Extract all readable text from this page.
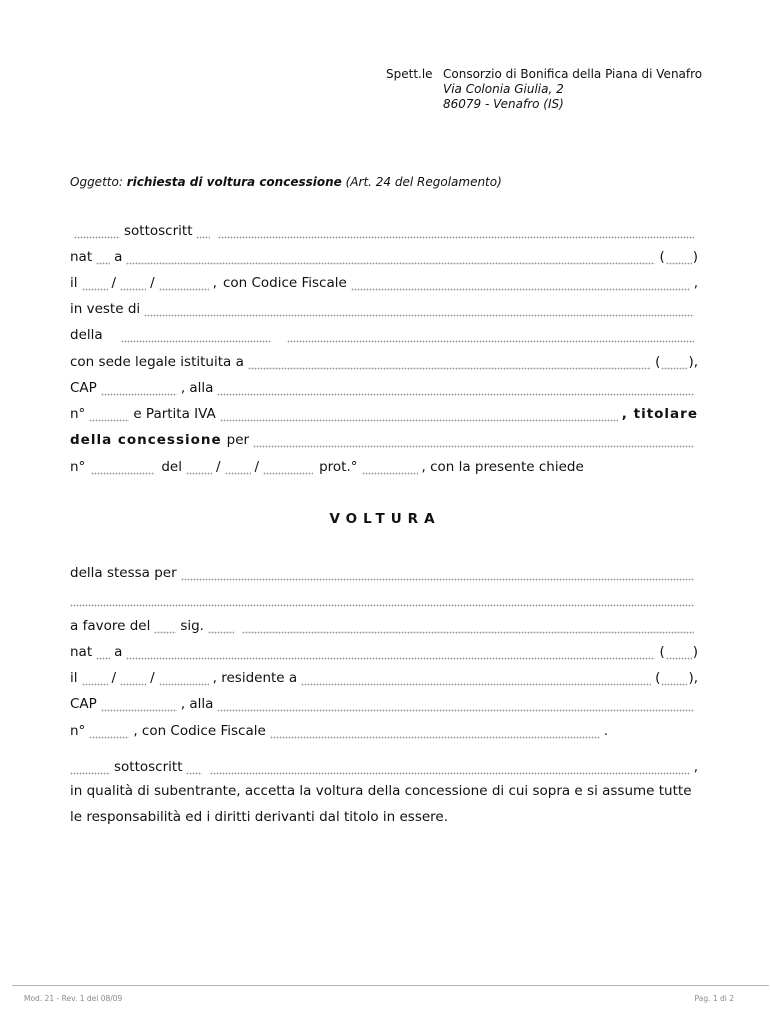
Spett.le Consorzio di Bonifica della Piana di Venafro
Via Colonia Giulia, 2
86079 - Venafro (IS)
Oggetto: richiesta di voltura concessione (Art. 24 del Regolamento)
sottoscritt
nat a	( )
il	/	/	, con Codice Fiscale	,
in veste di
della
con sede legale istituita a	( ),
CAP	, alla
n°	e Partita IVA	, titolare
della concessione per
n°	del	/	/	prot.°	, con la presente chiede
VOLTURA
della stessa per
a favore del sig.
nat a	( )
il	/	/	, residente a	( ),
CAP	, alla
n°	, con Codice Fiscale	.
sottoscritt	,
in qualità di subentrante, accetta la voltura della concessione di cui sopra e si assume tutte
le responsabilità ed i diritti derivanti dal titolo in essere.
Mod. 21 - Rev. 1 del 08/09	Pag. 1 di 2
